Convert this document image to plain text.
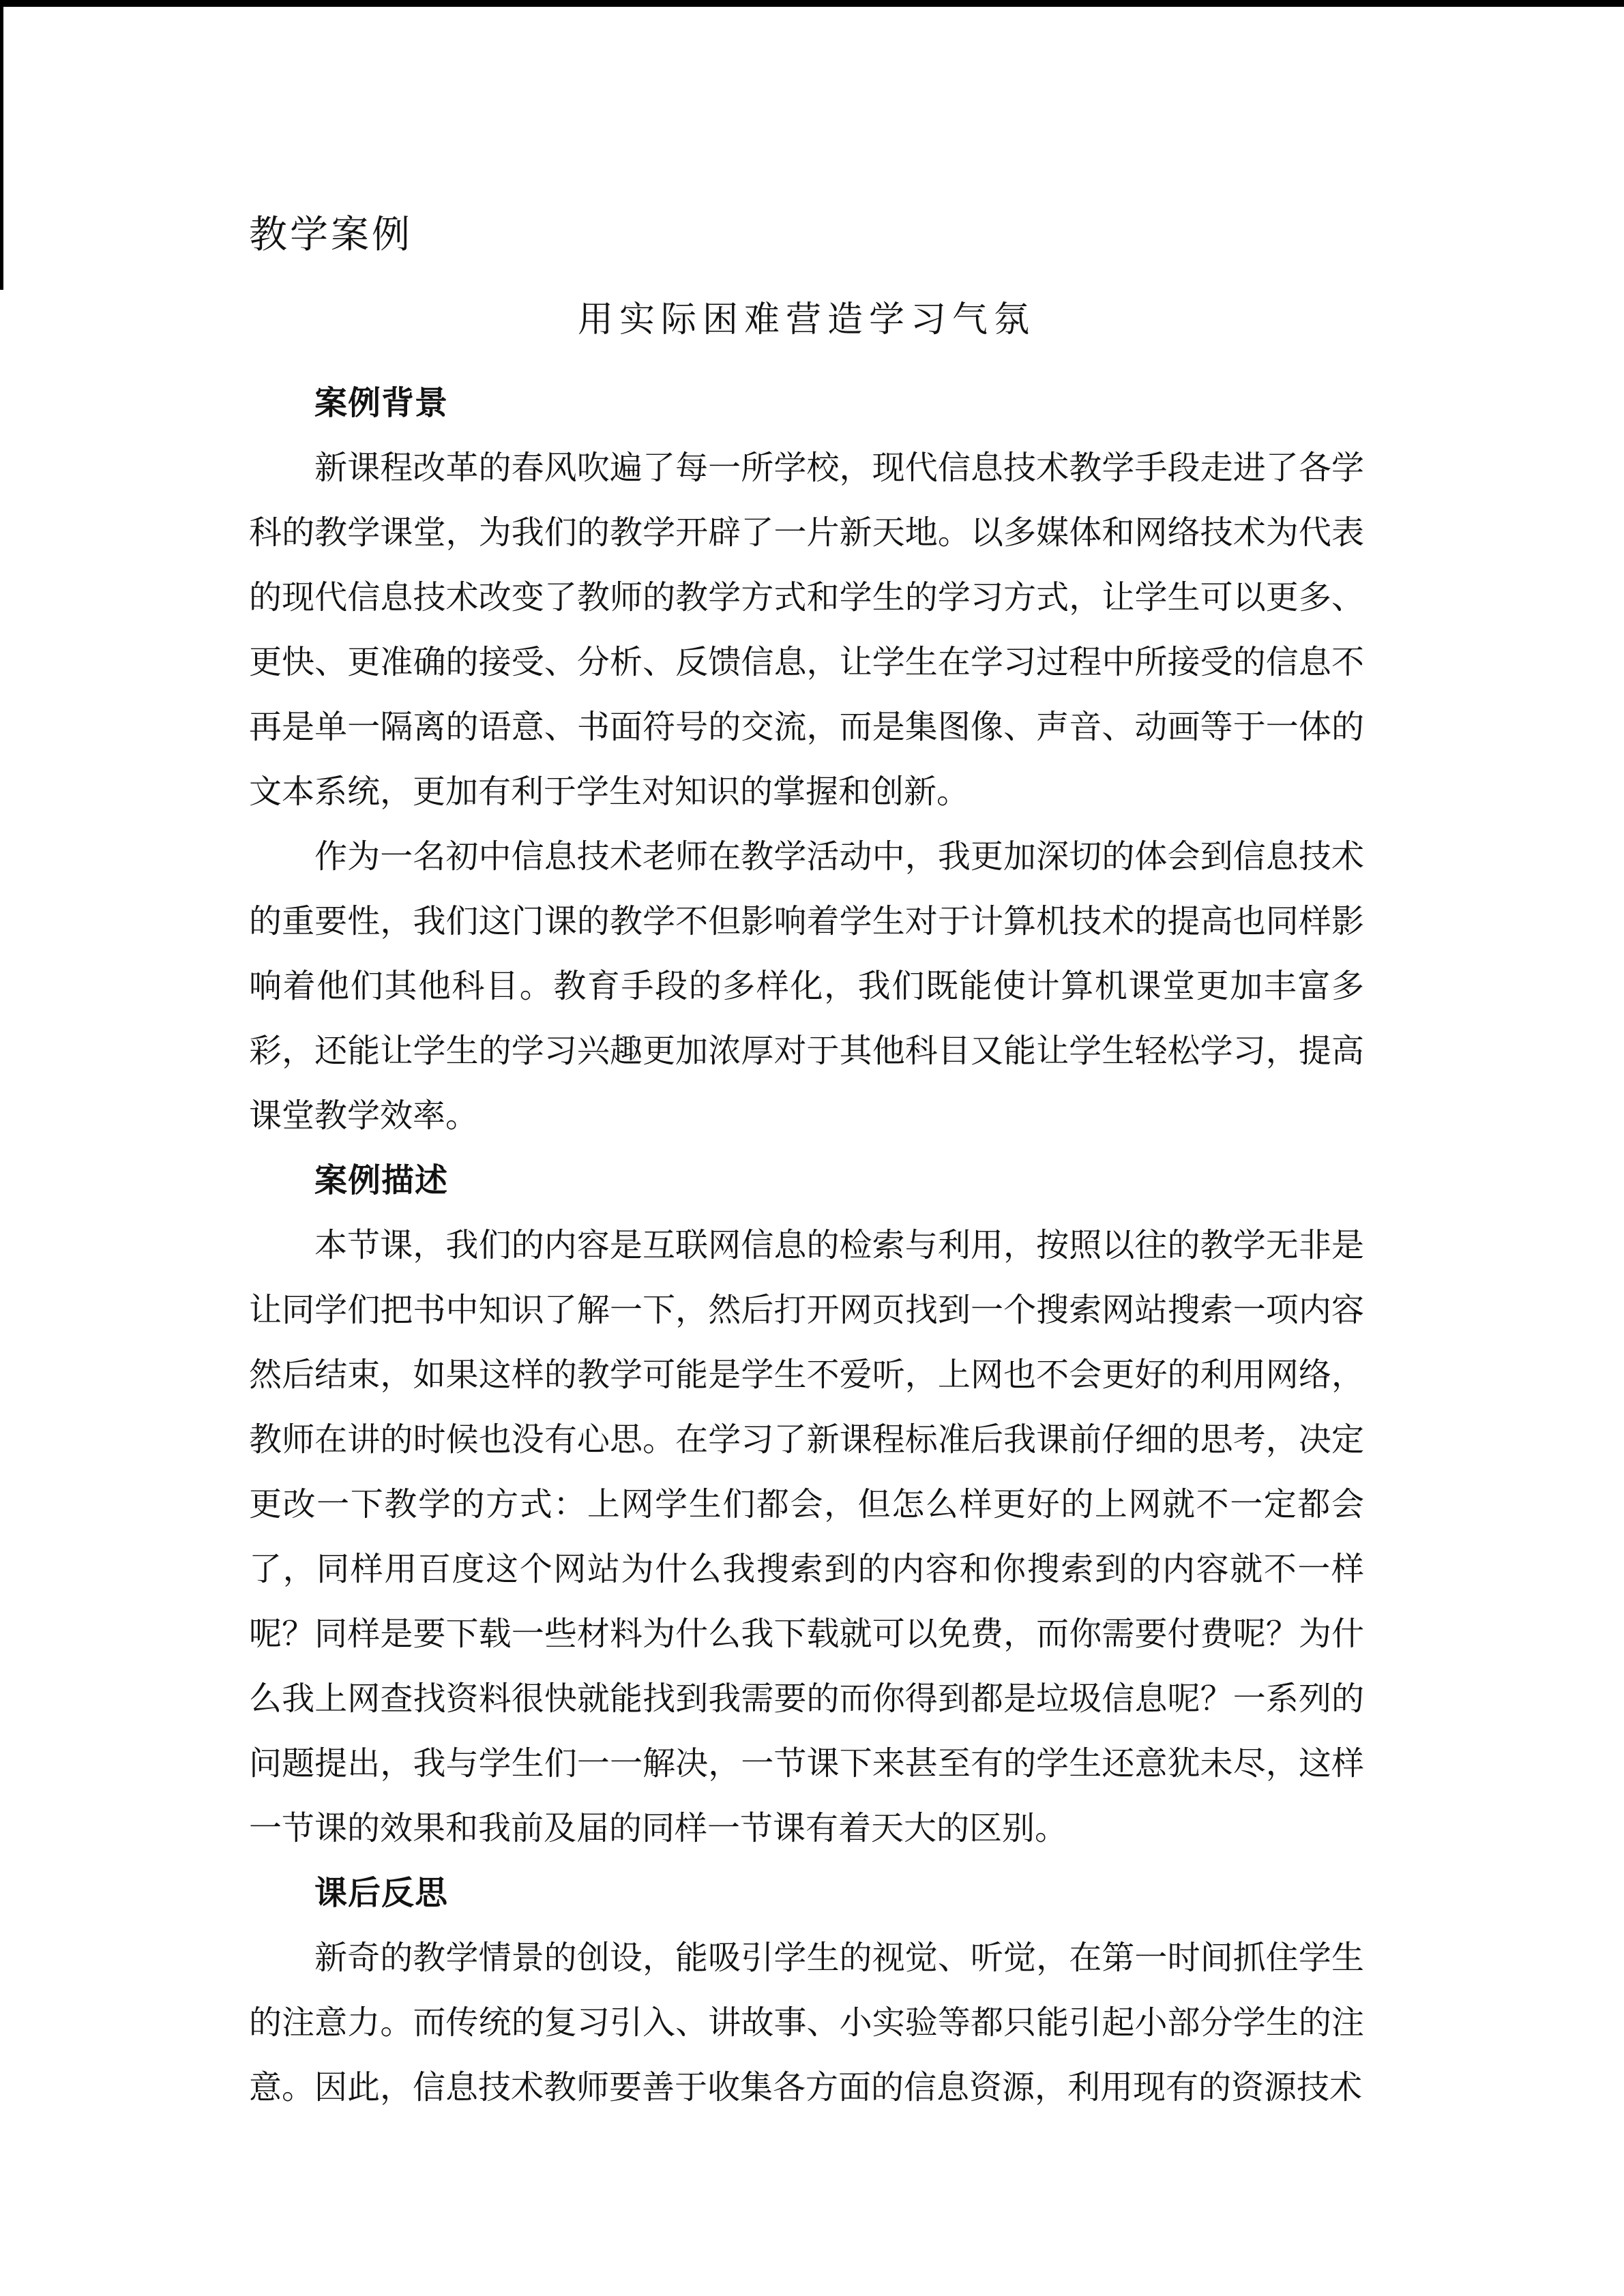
教学案例
用实际困难营造学习气氛
案例背景

新课程改革的春风吹遍了每一所学校，现代信息技术教学手段走进了各学科的教学课堂，为我们的教学开辟了一片新天地。以多媒体和网络技术为代表的现代信息技术改变了教师的教学方式和学生的学习方式，让学生可以更多、更快、更准确的接受、分析、反馈信息，让学生在学习过程中所接受的信息不再是单一隔离的语意、书面符号的交流，而是集图像、声音、动画等于一体的文本系统，更加有利于学生对知识的掌握和创新。

作为一名初中信息技术老师在教学活动中，我更加深切的体会到信息技术的重要性，我们这门课的教学不但影响着学生对于计算机技术的提高也同样影响着他们其他科目。教育手段的多样化，我们既能使计算机课堂更加丰富多彩，还能让学生的学习兴趣更加浓厚对于其他科目又能让学生轻松学习，提高课堂教学效率。

案例描述

本节课，我们的内容是互联网信息的检索与利用，按照以往的教学无非是让同学们把书中知识了解一下，然后打开网页找到一个搜索网站搜索一项内容然后结束，如果这样的教学可能是学生不爱听，上网也不会更好的利用网络，教师在讲的时候也没有心思。在学习了新课程标准后我课前仔细的思考，决定更改一下教学的方式：上网学生们都会，但怎么样更好的上网就不一定都会了，同样用百度这个网站为什么我搜索到的内容和你搜索到的内容就不一样呢？同样是要下载一些材料为什么我下载就可以免费，而你需要付费呢？为什么我上网查找资料很快就能找到我需要的而你得到都是垃圾信息呢？一系列的问题提出，我与学生们一一解决，一节课下来甚至有的学生还意犹未尽，这样一节课的效果和我前及届的同样一节课有着天大的区别。

课后反思

新奇的教学情景的创设，能吸引学生的视觉、听觉，在第一时间抓住学生的注意力。而传统的复习引入、讲故事、小实验等都只能引起小部分学生的注意。因此，信息技术教师要善于收集各方面的信息资源，利用现有的资源技术
